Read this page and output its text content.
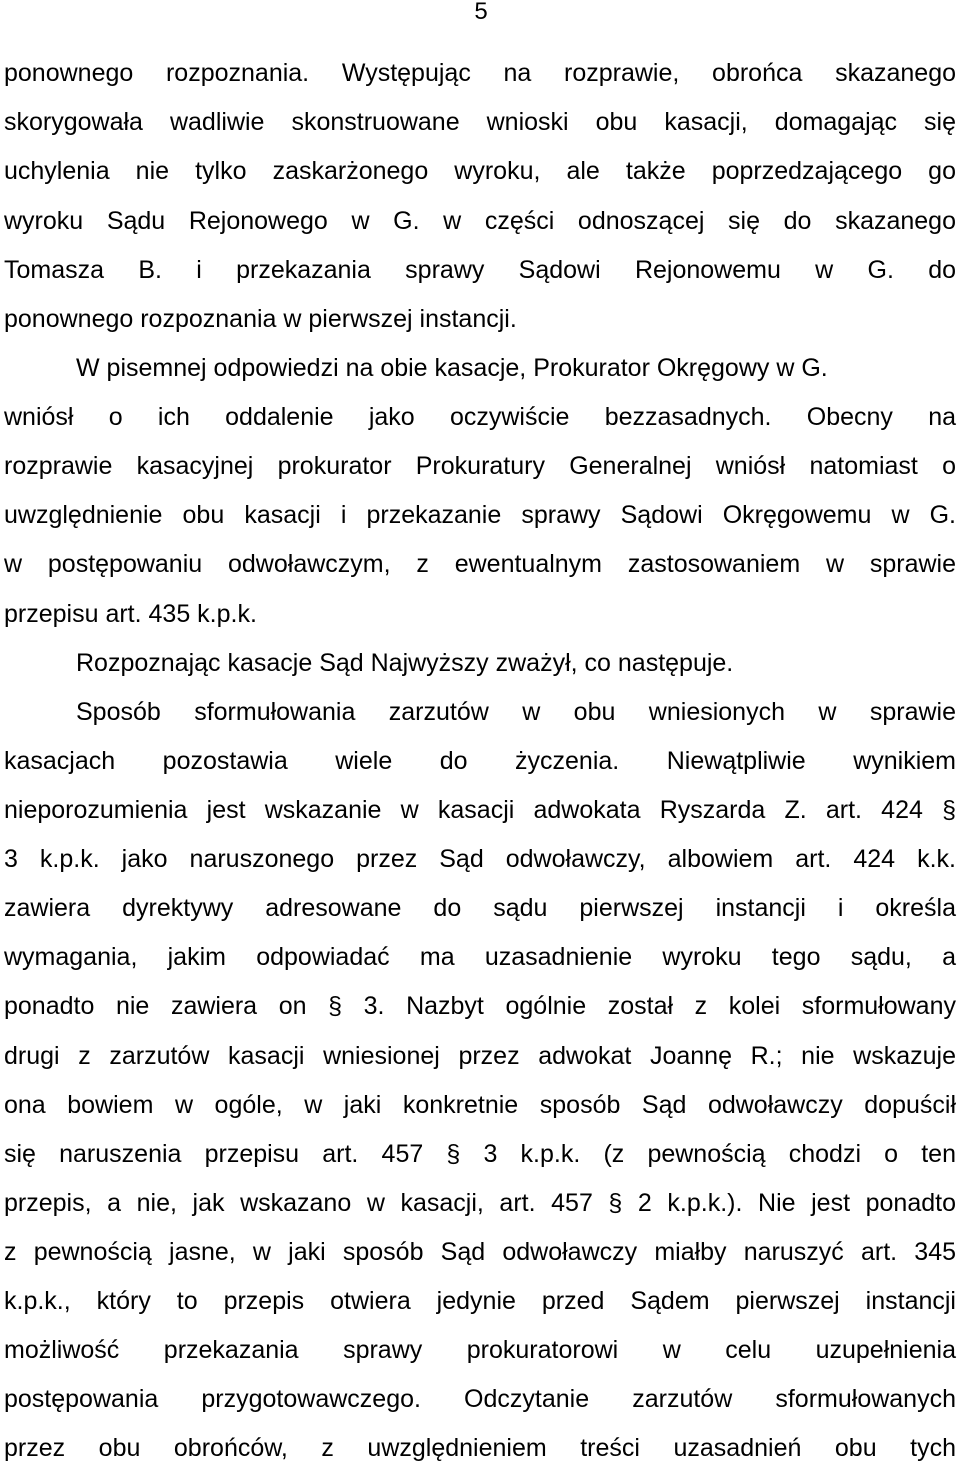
5
ponownego rozpoznania. Występując na rozprawie, obrońca skazanego
skorygowała wadliwie skonstruowane wnioski obu kasacji, domagając się
uchylenia nie tylko zaskarżonego wyroku, ale także poprzedzającego go
wyroku Sądu Rejonowego w G. w części odnoszącej się do skazanego
Tomasza B. i przekazania sprawy Sądowi Rejonowemu w G. do
ponownego rozpoznania w pierwszej instancji.
W pisemnej odpowiedzi na obie kasacje, Prokurator Okręgowy w G.
wniósł o ich oddalenie jako oczywiście bezzasadnych. Obecny na
rozprawie kasacyjnej prokurator Prokuratury Generalnej wniósł natomiast o
uwzględnienie obu kasacji i przekazanie sprawy Sądowi Okręgowemu w G.
w postępowaniu odwoławczym, z ewentualnym zastosowaniem w sprawie
przepisu art. 435 k.p.k.
Rozpoznając kasacje Sąd Najwyższy zważył, co następuje.
Sposób sformułowania zarzutów w obu wniesionych w sprawie
kasacjach pozostawia wiele do życzenia. Niewątpliwie wynikiem
nieporozumienia jest wskazanie w kasacji adwokata Ryszarda Z. art. 424 §
3 k.p.k. jako naruszonego przez Sąd odwoławczy, albowiem art. 424 k.k.
zawiera dyrektywy adresowane do sądu pierwszej instancji i określa
wymagania, jakim odpowiadać ma uzasadnienie wyroku tego sądu, a
ponadto nie zawiera on § 3. Nazbyt ogólnie został z kolei sformułowany
drugi z zarzutów kasacji wniesionej przez adwokat Joannę R.; nie wskazuje
ona bowiem w ogóle, w jaki konkretnie sposób Sąd odwoławczy dopuścił
się naruszenia przepisu art. 457 § 3 k.p.k. (z pewnością chodzi o ten
przepis, a nie, jak wskazano w kasacji, art. 457 § 2 k.p.k.). Nie jest ponadto
z pewnością jasne, w jaki sposób Sąd odwoławczy miałby naruszyć art. 345
k.p.k., który to przepis otwiera jedynie przed Sądem pierwszej instancji
możliwość przekazania sprawy prokuratorowi w celu uzupełnienia
postępowania przygotowawczego. Odczytanie zarzutów sformułowanych
przez obu obrońców, z uwzględnieniem treści uzasadnień obu tych
